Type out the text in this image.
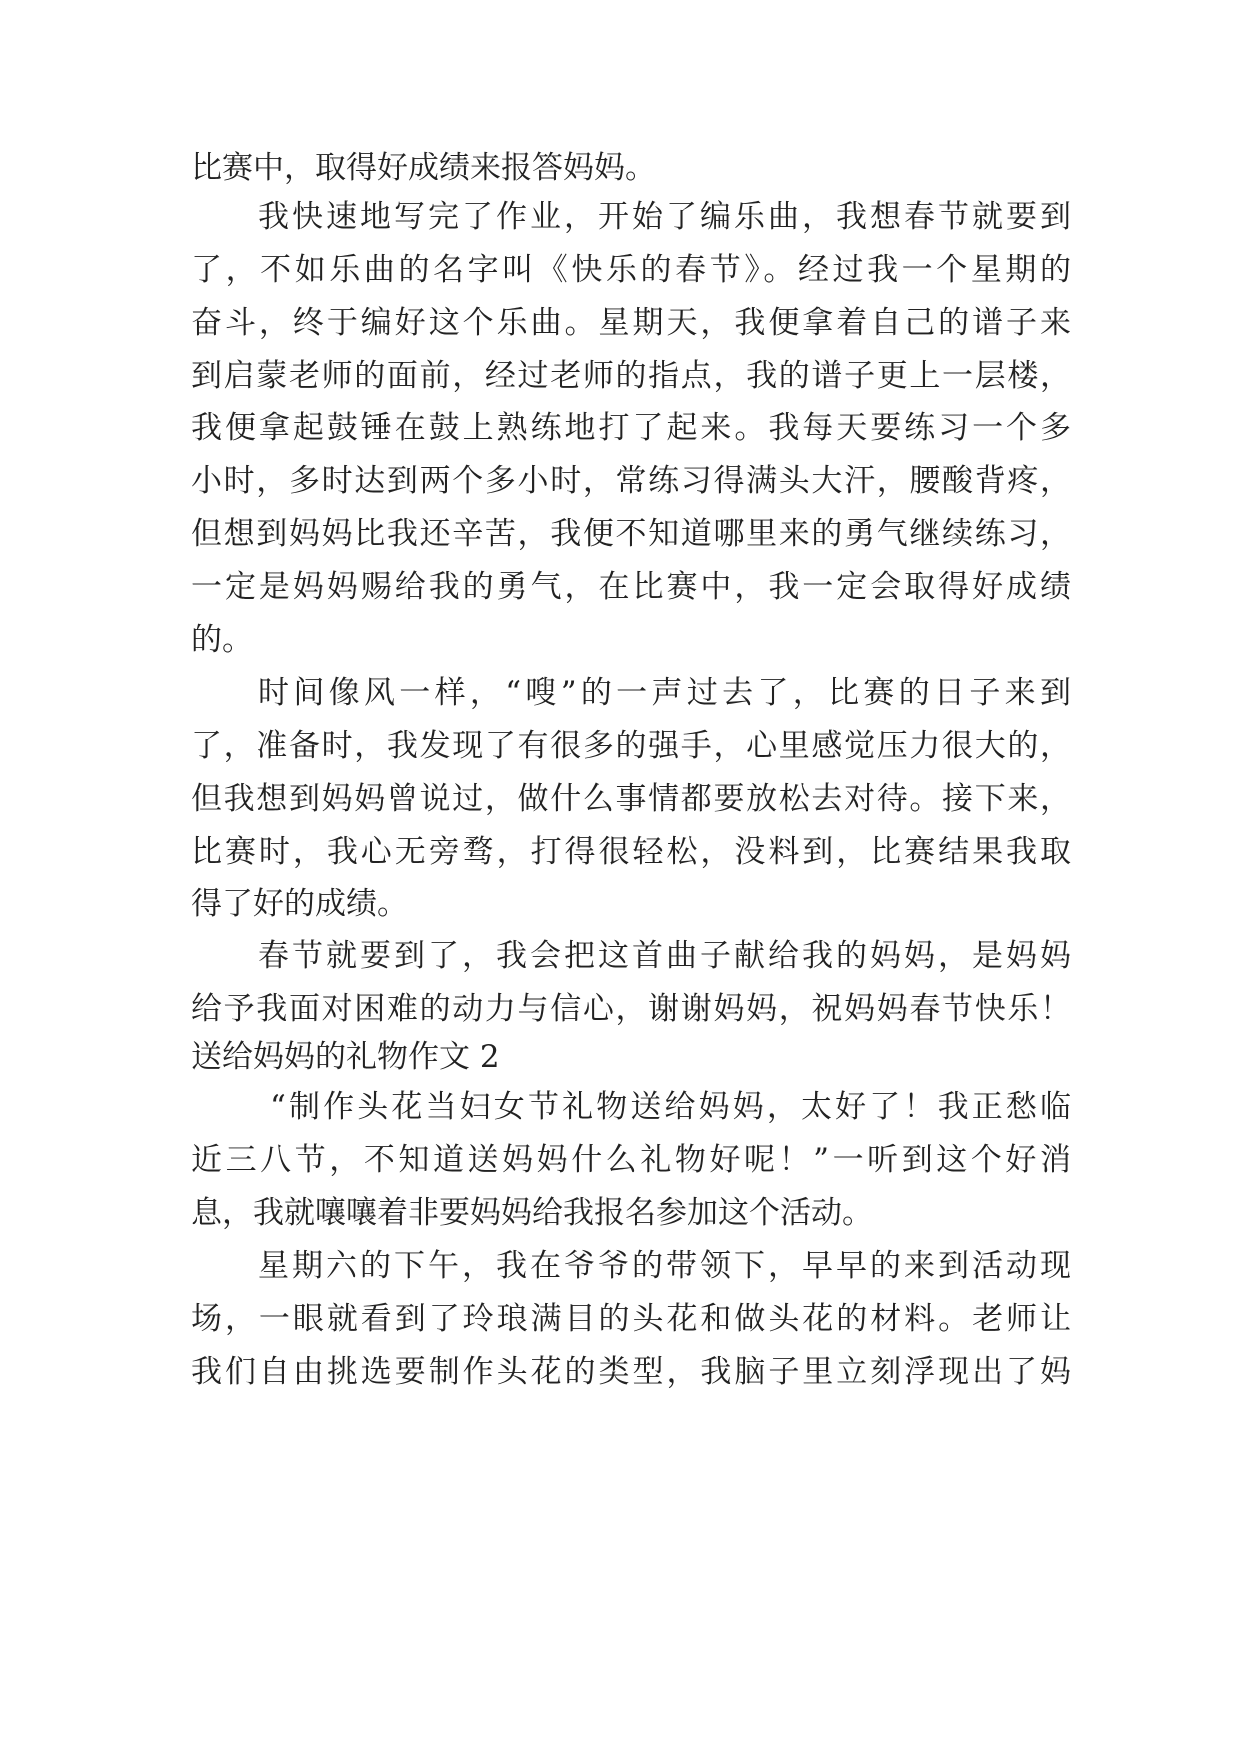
比赛中，取得好成绩来报答妈妈。
我快速地写完了作业，开始了编乐曲，我想春节就要到
了，不如乐曲的名字叫《快乐的春节》。经过我一个星期的
奋斗，终于编好这个乐曲。星期天，我便拿着自己的谱子来
到启蒙老师的面前，经过老师的指点，我的谱子更上一层楼，
我便拿起鼓锤在鼓上熟练地打了起来。我每天要练习一个多
小时，多时达到两个多小时，常练习得满头大汗，腰酸背疼，
但想到妈妈比我还辛苦，我便不知道哪里来的勇气继续练习，
一定是妈妈赐给我的勇气，在比赛中，我一定会取得好成绩
的。
时间像风一样，“嗖”的一声过去了，比赛的日子来到
了，准备时，我发现了有很多的强手，心里感觉压力很大的，
但我想到妈妈曾说过，做什么事情都要放松去对待。接下来，
比赛时，我心无旁骛，打得很轻松，没料到，比赛结果我取
得了好的成绩。
春节就要到了，我会把这首曲子献给我的妈妈，是妈妈
给予我面对困难的动力与信心，谢谢妈妈，祝妈妈春节快乐！
送给妈妈的礼物作文 2
“制作头花当妇女节礼物送给妈妈，太好了！我正愁临
近三八节，不知道送妈妈什么礼物好呢！”一听到这个好消
息，我就嚷嚷着非要妈妈给我报名参加这个活动。
星期六的下午，我在爷爷的带领下，早早的来到活动现
场，一眼就看到了玲琅满目的头花和做头花的材料。老师让
我们自由挑选要制作头花的类型，我脑子里立刻浮现出了妈
